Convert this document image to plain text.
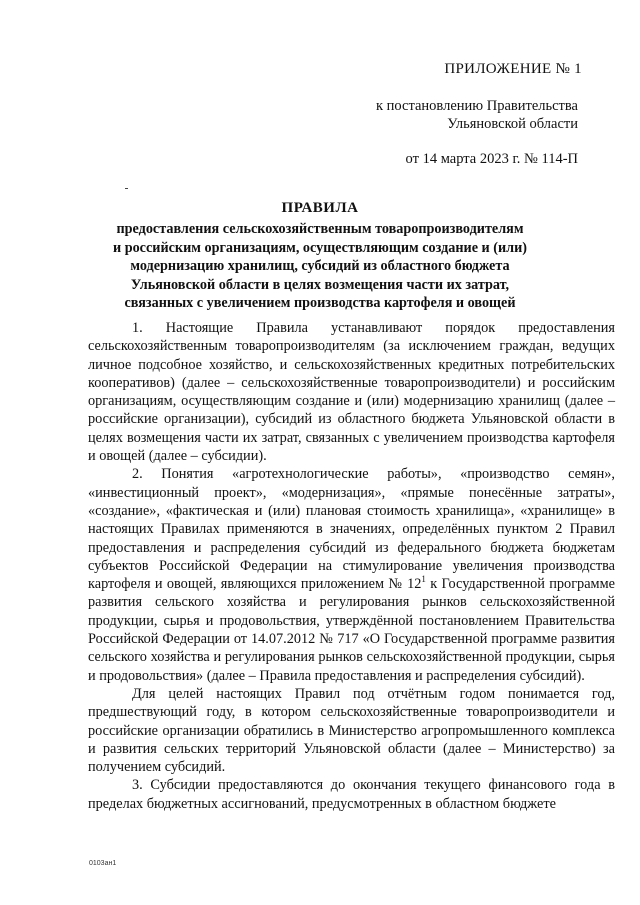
ПРИЛОЖЕНИЕ № 1
к постановлению Правительства
Ульяновской области
от 14 марта 2023 г. № 114-П
ПРАВИЛА
предоставления сельскохозяйственным товаропроизводителям
и российским организациям, осуществляющим создание и (или)
модернизацию хранилищ, субсидий из областного бюджета
Ульяновской области в целях возмещения части их затрат,
связанных с увеличением производства картофеля и овощей

1. Настоящие Правила устанавливают порядок предоставления сельскохозяйственным товаропроизводителям (за исключением граждан, ведущих личное подсобное хозяйство, и сельскохозяйственных кредитных потребительских кооперативов) (далее – сельскохозяйственные товаропроизводители) и российским организациям, осуществляющим создание и (или) модернизацию хранилищ (далее – российские организации), субсидий из областного бюджета Ульяновской области в целях возмещения части их затрат, связанных с увеличением производства картофеля и овощей (далее – субсидии).

2. Понятия «агротехнологические работы», «производство семян», «инвестиционный проект», «модернизация», «прямые понесённые затраты», «создание», «фактическая и (или) плановая стоимость хранилища», «хранилище» в настоящих Правилах применяются в значениях, определённых пунктом 2 Правил предоставления и распределения субсидий из федерального бюджета бюджетам субъектов Российской Федерации на стимулирование увеличения производства картофеля и овощей, являющихся приложением № $12^1$ к Государственной программе развития сельского хозяйства и регулирования рынков сельскохозяйственной продукции, сырья и продовольствия, утверждённой постановлением Правительства Российской Федерации от 14.07.2012 № 717 «О Государственной программе развития сельского хозяйства и регулирования рынков сельскохозяйственной продукции, сырья и продовольствия» (далее – Правила предоставления и распределения субсидий).

Для целей настоящих Правил под отчётным годом понимается год, предшествующий году, в котором сельскохозяйственные товаропроизводители и российские организации обратились в Министерство агропромышленного комплекса и развития сельских территорий Ульяновской области (далее – Министерство) за получением субсидий.

3. Субсидии предоставляются до окончания текущего финансового года в пределах бюджетных ассигнований, предусмотренных в областном бюджете

0103ан1
